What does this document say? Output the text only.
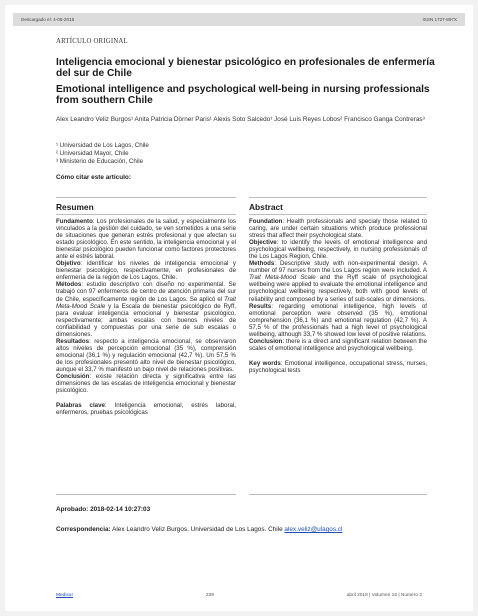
Descargado el: 4-05-2018	ISSN 1727-897X
ARTÍCULO ORIGINAL
Inteligencia emocional y bienestar psicológico en profesionales de enfermería del sur de Chile
Emotional intelligence and psychological well-being in nursing professionals from southern Chile
Alex Leandro Veliz Burgos¹ Anita Patricia Dörner Paris¹ Alexis Soto Salcedo¹ José Luis Reyes Lobos² Francisco Ganga Contreras³
¹ Universidad de Los Lagos, Chile
² Universidad Mayor, Chile
³ Ministerio de Educación, Chile
Cómo citar este artículo:
Resumen	Abstract

Fundamento: Los profesionales de la salud, y especialmente los vinculados a la gestión del cuidado, se ven sometidos a una serie de situaciones que generan estrés profesional y que afectan su estado psicológico. En este sentido, la inteligencia emocional y el bienestar psicológico pueden funcionar como factores protectores ante el estrés laboral.

Objetivo: identificar los niveles de inteligencia emocional y bienestar psicológico, respectivamente, en profesionales de enfermería de la región de Los Lagos, Chile.

Métodos: estudio descriptivo con diseño no experimental. Se trabajó con 97 enfermeros de centro de atención primaria del sur de Chile, específicamente región de Los Lagos. Se aplicó el Trait Meta-Mood Scale y la Escala de bienestar psicológico de Ryff, para evaluar inteligencia emocional y bienestar psicológico, respectivamente; ambas escalas con buenos niveles de confiabilidad y compuestas por una serie de sub escalas o dimensiones.

Resultados: respecto a inteligencia emocional, se observaron altos niveles de percepción emocional (35 %), comprensión emocional (36,1 %) y regulación emocional (42,7 %). Un 57,5 % de los profesionales presentó alto nivel de bienestar psicológico, aunque el 33,7 % manifestó un bajo nivel de relaciones positivas.

Conclusión: existe relación directa y significativa entre las dimensiones de las escalas de inteligencia emocional y bienestar psicológico.

Palabras clave: Inteligencia emocional, estrés laboral, enfermeros, pruebas psicológicas

Foundation: Health professionals and specialy those related to caring, are under certain situations which produce professional stress that affect their psychological state.

Objective: to identify the levels of emotional intelligence and psychological wellbeing, respectively, in nursing professionals of the Los Lagos Region, Chile.

Methods: Descriptive study with non-experimental design. A number of 97 nurses from the Los Lagos region were included. A Trait Meta-Mood Scale and the Ryff scale of psychological wellbeing were applied to evaluate the emotional intelligence and psychological wellbeing respectively, both with good levels of reliability and composed by a series of sub-scales or dimensions.

Results: regarding emotional intelligence, high levels of emotional perception were observed (35 %), emotional comprehension (36,1 %) and emotional regulation (42,7 %). A 57,5 % of the professionals had a high level of psychological wellbeing, although 33,7 % showed low level of positive relations.

Conclusion: there is a direct and significant relation between the scales of emotional intelligence and psychological wellbeing.

Key words: Emotional intelligence, occupational stress, nurses, psychological tests

Aprobado: 2018-02-14 10:27:03
Correspondencia: Alex Leandro Veliz Burgos. Universidad de Los Lagos. Chile alex.veliz@ulagos.cl
Medisur	239	abril 2018 | Volumen 16 | Numero 2
